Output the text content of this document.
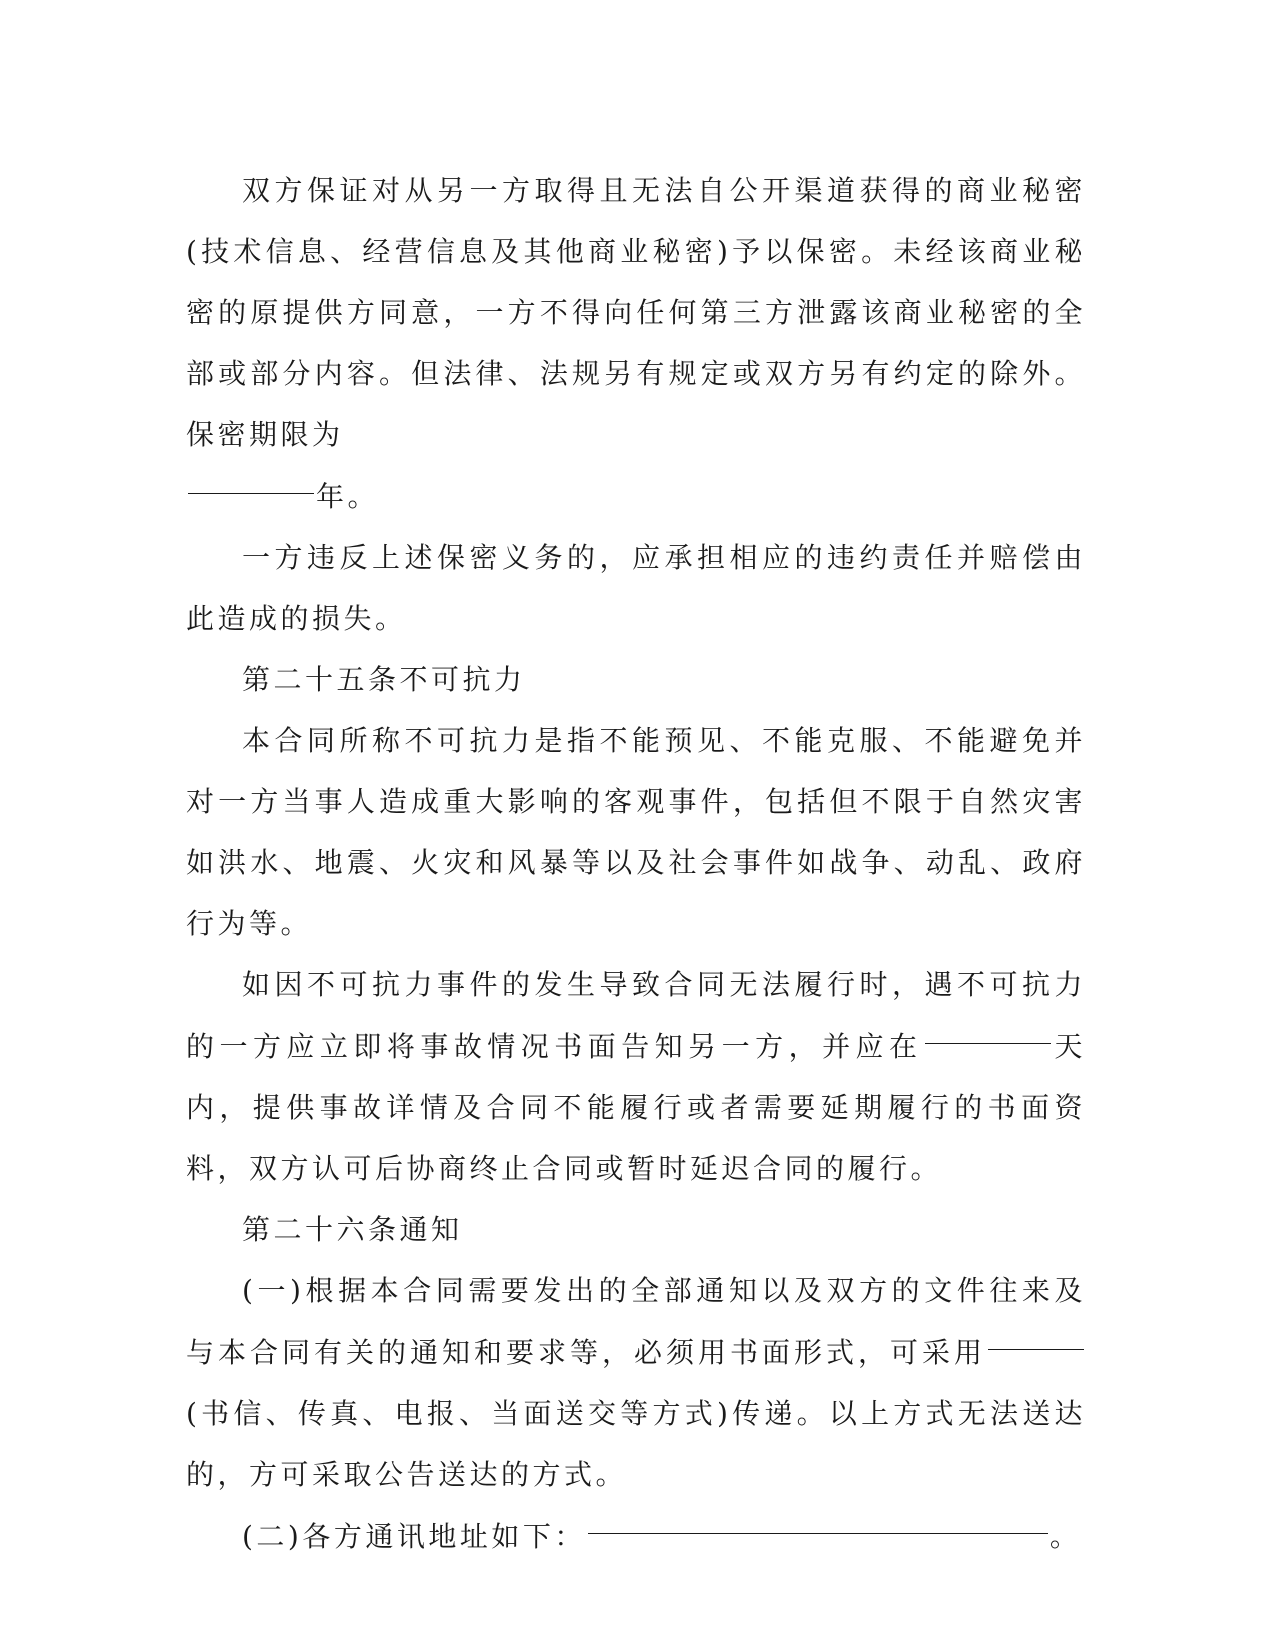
双方保证对从另一方取得且无法自公开渠道获得的商业秘密(技术信息、经营信息及其他商业秘密)予以保密。未经该商业秘密的原提供方同意，一方不得向任何第三方泄露该商业秘密的全部或部分内容。但法律、法规另有规定或双方另有约定的除外。保密期限为

年。

一方违反上述保密义务的，应承担相应的违约责任并赔偿由此造成的损失。

第二十五条不可抗力

本合同所称不可抗力是指不能预见、不能克服、不能避免并对一方当事人造成重大影响的客观事件，包括但不限于自然灾害如洪水、地震、火灾和风暴等以及社会事件如战争、动乱、政府行为等。

如因不可抗力事件的发生导致合同无法履行时，遇不可抗力的一方应立即将事故情况书面告知另一方，并应在	天内，提供事故详情及合同不能履行或者需要延期履行的书面资料，双方认可后协商终止合同或暂时延迟合同的履行。

第二十六条通知

(一)根据本合同需要发出的全部通知以及双方的文件往来及与本合同有关的通知和要求等，必须用书面形式，可采用(书信、传真、电报、当面送交等方式)传递。以上方式无法送达的，方可采取公告送达的方式。

(二)各方通讯地址如下：	。
